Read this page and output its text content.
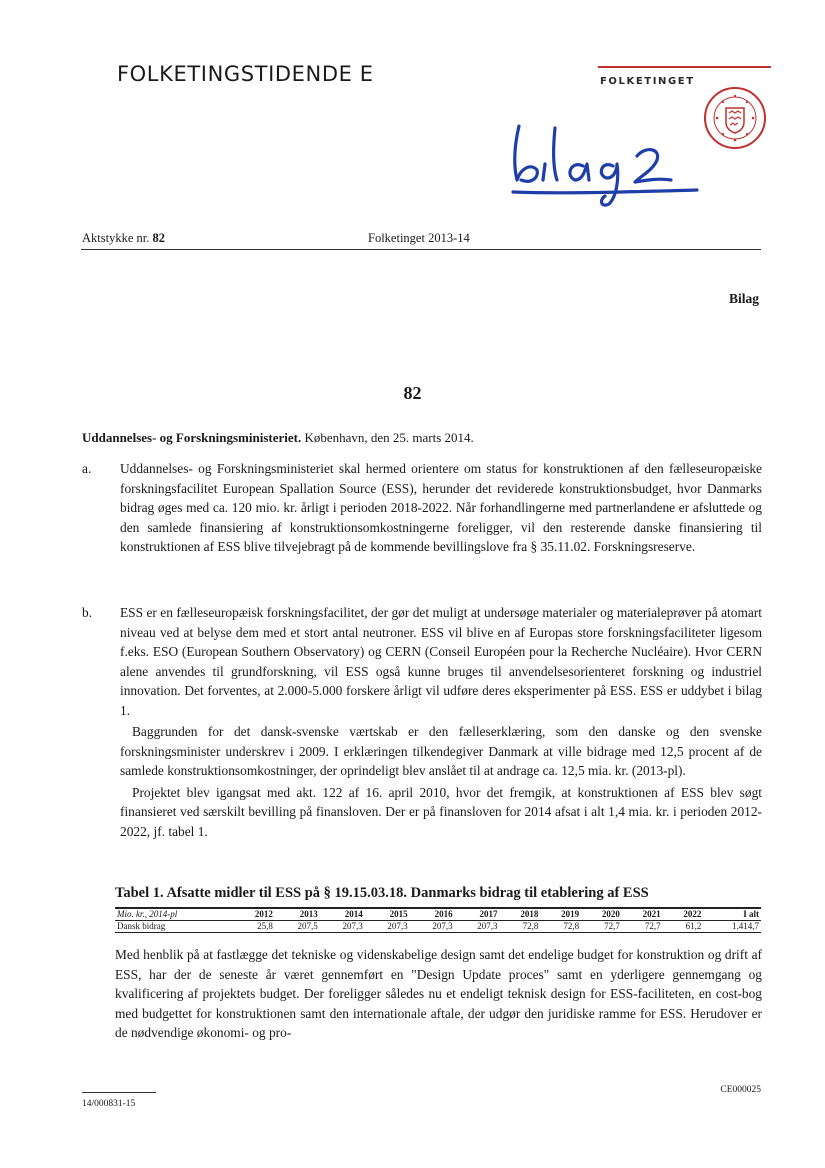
FOLKETINGSTIDENDE E	FOLKETINGET
Aktstykke nr. 82	Folketinget 2013-14
Bilag
82
Uddannelses- og Forskningsministeriet. København, den 25. marts 2014.
a. Uddannelses- og Forskningsministeriet skal hermed orientere om status for konstruktionen af den fælleseuropæiske forskningsfacilitet European Spallation Source (ESS), herunder det reviderede konstruktionsbudget, hvor Danmarks bidrag øges med ca. 120 mio. kr. årligt i perioden 2018-2022. Når forhandlingerne med partnerlandene er afsluttede og den samlede finansiering af konstruktionsomkostningerne foreligger, vil den resterende danske finansiering til konstruktionen af ESS blive tilvejebragt på de kommende bevillingslove fra § 35.11.02. Forskningsreserve.

b. ESS er en fælleseuropæisk forskningsfacilitet, der gør det muligt at undersøge materialer og materialeprøver på atomart niveau ved at belyse dem med et stort antal neutroner. ESS vil blive en af Europas store forskningsfaciliteter ligesom f.eks. ESO (European Southern Observatory) og CERN (Conseil Européen pour la Recherche Nucléaire). Hvor CERN alene anvendes til grundforskning, vil ESS også kunne bruges til anvendelsesorienteret forskning og industriel innovation. Det forventes, at 2.000-5.000 forskere årligt vil udføre deres eksperimenter på ESS. ESS er uddybet i bilag 1.

Baggrunden for det dansk-svenske værtskab er den fælleserklæring, som den danske og den svenske forskningsminister underskrev i 2009. I erklæringen tilkendegiver Danmark at ville bidrage med 12,5 procent af de samlede konstruktionsomkostninger, der oprindeligt blev anslået til at andrage ca. 12,5 mia. kr. (2013-pl).

Projektet blev igangsat med akt. 122 af 16. april 2010, hvor det fremgik, at konstruktionen af ESS blev søgt finansieret ved særskilt bevilling på finansloven. Der er på finansloven for 2014 afsat i alt 1,4 mia. kr. i perioden 2012-2022, jf. tabel 1.

Tabel 1. Afsatte midler til ESS på § 19.15.03.18. Danmarks bidrag til etablering af ESS
Mio. kr., 2014-pl	2012	2013	2014	2015	2016	2017	2018	2019	2020	2021	2022	I alt
Dansk bidrag	25,8	207,5	207,3	207,3	207,3	207,3	72,8	72,8	72,7	72,7	61,2	1.414,7
Med henblik på at fastlægge det tekniske og videnskabelige design samt det endelige budget for konstruktion og drift af ESS, har der de seneste år været gennemført en "Design Update proces" samt en yderligere gennemgang og kvalificering af projektets budget. Der foreligger således nu et endeligt teknisk design for ESS-faciliteten, en cost-bog med budgettet for konstruktionen samt den internationale aftale, der udgør den juridiske ramme for ESS. Herudover er de nødvendige økonomi- og pro-
14/000831-15
CE000025
